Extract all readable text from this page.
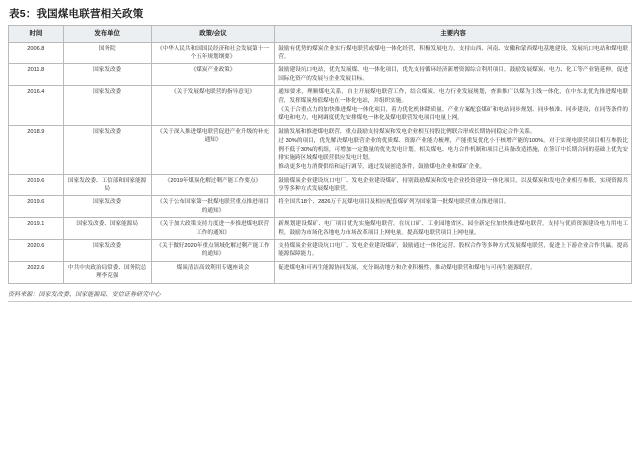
表5：我国煤电联营相关政策
时间	发布单位	政策/会议	主要内容
2006.8	国务院	《中华人民共和国国民经济和社会发展第十一个五年规划纲要》	鼓励有优势的煤炭企业实行煤电联营或煤电一体化经营，积极发展电力，支持山西、河南、安徽和蒙西煤电基地建设，发展坑口电站和煤电联营。

2011.8	国家发改委	《煤炭产业政策》	鼓励建设坑口电站，优先发展煤、电一体化项目，优先支持循环经济新增资源综合利用项目。鼓励发展煤炭、电力、化工等产业链延伸，促进国际化资产的发展与企业发展目标。

2016.4	国家发改委	《关于发展煤电联营的指导意见》	通知要求，理顺煤电关系，自主开展煤电联营工作，结合煤炭、电力行业发展规划，查准推广以煤为主线一体化，在中东北优先推进煤电联营，发挥煤炭热值煤电在一体化电站，并组织实施。

《关于合重点力的加快推进煤电一体化项目，着力优化机体降质量、产业方案配套煤矿和电站同步规划、同步核准、同步建设，在同等条件的煤电和电力，电网调度优先安排煤电一体化及煤电联营发电项目电量上网。

2018.9	国家发改委	《关于深入推进煤电联营促进产业升级的补充通知》	鼓励发展和推进煤电联营，重点鼓励支持煤炭和发电企业相互持股比例联合形成长期协同稳定合作关系。

过 30%的项目，优先解决煤电联营企业的优质煤、资源产业能力梳理，产能重复优化小于核增产能的100%。对于实现电联营项目相互参股比例不低于30%的机组，可增加一定数量的优先发电计划。相关煤电、电力合作机制和项目已具备改造措施，在签订中长期合同的基础上优先安排实施跨区域煤电联营供应发电计划。

推动更多电力消费供给和运行调节，通过发展创造条件，鼓励煤电企业和煤矿企业。

2019.6	国家发改委、工信部和国家能源局	《2019年煤炭化解过剩产能工作要点》	鼓励煤炭企业建设坑口电厂、发电企业建设煤矿，持别鼓励煤炭和发电企业投资建设一体化项目，以及煤炭和发电企业相互参股，实现资源共享等多种方式发展煤电联营。

2019.6	国家发改委	《关于公布国家第一批煤电联营重点推进项目的通知》	将全国共18个、2826万千瓦煤电项目及相应配套煤矿列为国家第一批煤电联营重点推进项目。

2019.1	国家发改委、国家能源局	《关于加大政策支持力度进一步推进煤电联营工作的通知》	新规划建设煤矿、电厂项目优先实施煤电联营，在坑口矿、工业园地省区、园全新定位加快推进煤电联营，支持与优质资源建设电力用电工程，鼓励为市场化各地电力市场改革项目上网电量。提高煤电联营项目上网电量。

2020.6	国家发改委	《关于做好2020年重点领域化解过剩产能工作的通知》	支持煤炭企业建设坑口电厂、发电企业建设煤矿，鼓励通过一体化运营、股权合作等多种方式发展煤电联营，促进上下游企业合作共赢。提高能源保障能力。

2022.6	中共中央政治局常委、国务院总理李克强	煤炭清洁高效利用专题座谈会	促进煤电和可再生能源协同发展，充分调动地方和企业积极性，推动煤电联营和煤电与可再生能源联营。

资料来源：国家发改委、国家能源局、安信证券研究中心
